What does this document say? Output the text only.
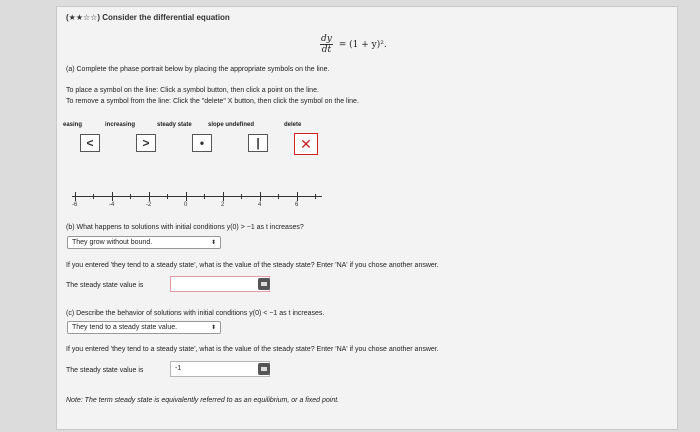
(★★☆☆) Consider the differential equation
$\frac{dy}{dt} = (1 + y)^2$.
(a) Complete the phase portrait below by placing the appropriate symbols on the line.
To place a symbol on the line: Click a symbol button, then click a point on the line.
To remove a symbol from the line: Click the "delete" X button, then click the symbol on the line.
easing	increasing	steady state	slope undefined	delete
<	>	•	|	✕
-6	-4	-2	0	2	4	6
(b) What happens to solutions with initial conditions y(0) > −1 as t increases?
They grow without bound.	⬍
If you entered 'they tend to a steady state', what is the value of the steady state? Enter 'NA' if you chose another answer.
The steady state value is
(c) Describe the behavior of solutions with initial conditions y(0) < −1 as t increases.
They tend to a steady state value.	⬍
If you entered 'they tend to a steady state', what is the value of the steady state? Enter 'NA' if you chose another answer.
The steady state value is	-1
Note: The term steady state is equivalently referred to as an equilibrium, or a fixed point.
